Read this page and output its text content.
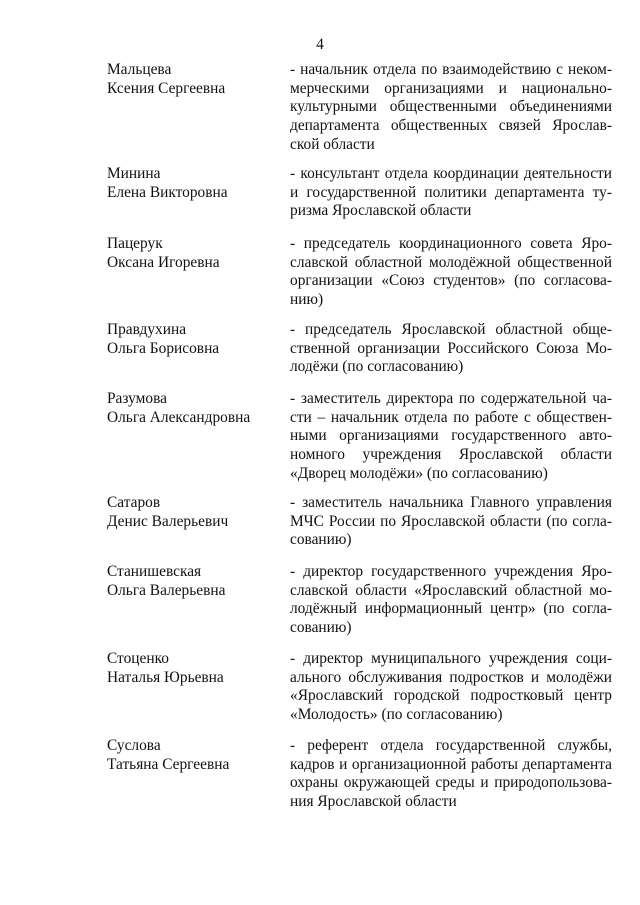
4
Мальцева
Ксения Сергеевна
- начальник отдела по взаимодействию с неком-
мерческими организациями и национально-
культурными общественными объединениями
департамента общественных связей Ярослав-
ской области
Минина
Елена Викторовна
- консультант отдела координации деятельности
и государственной политики департамента ту-
ризма Ярославской области
Пацерук
Оксана Игоревна
- председатель координационного совета Яро-
славской областной молодёжной общественной
организации «Союз студентов» (по согласова-
нию)
Правдухина
Ольга Борисовна
- председатель Ярославской областной обще-
ственной организации Российского Союза Мо-
лодёжи (по согласованию)
Разумова
Ольга Александровна
- заместитель директора по содержательной ча-
сти – начальник отдела по работе с обществен-
ными организациями государственного авто-
номного учреждения Ярославской области
«Дворец молодёжи» (по согласованию)
Сатаров
Денис Валерьевич
- заместитель начальника Главного управления
МЧС России по Ярославской области (по согла-
сованию)
Станишевская
Ольга Валерьевна
- директор государственного учреждения Яро-
славской области «Ярославский областной мо-
лодёжный информационный центр» (по согла-
сованию)
Стоценко
Наталья Юрьевна
- директор муниципального учреждения соци-
ального обслуживания подростков и молодёжи
«Ярославский городской подростковый центр
«Молодость» (по согласованию)
Суслова
Татьяна Сергеевна
- референт отдела государственной службы,
кадров и организационной работы департамента
охраны окружающей среды и природопользова-
ния Ярославской области
